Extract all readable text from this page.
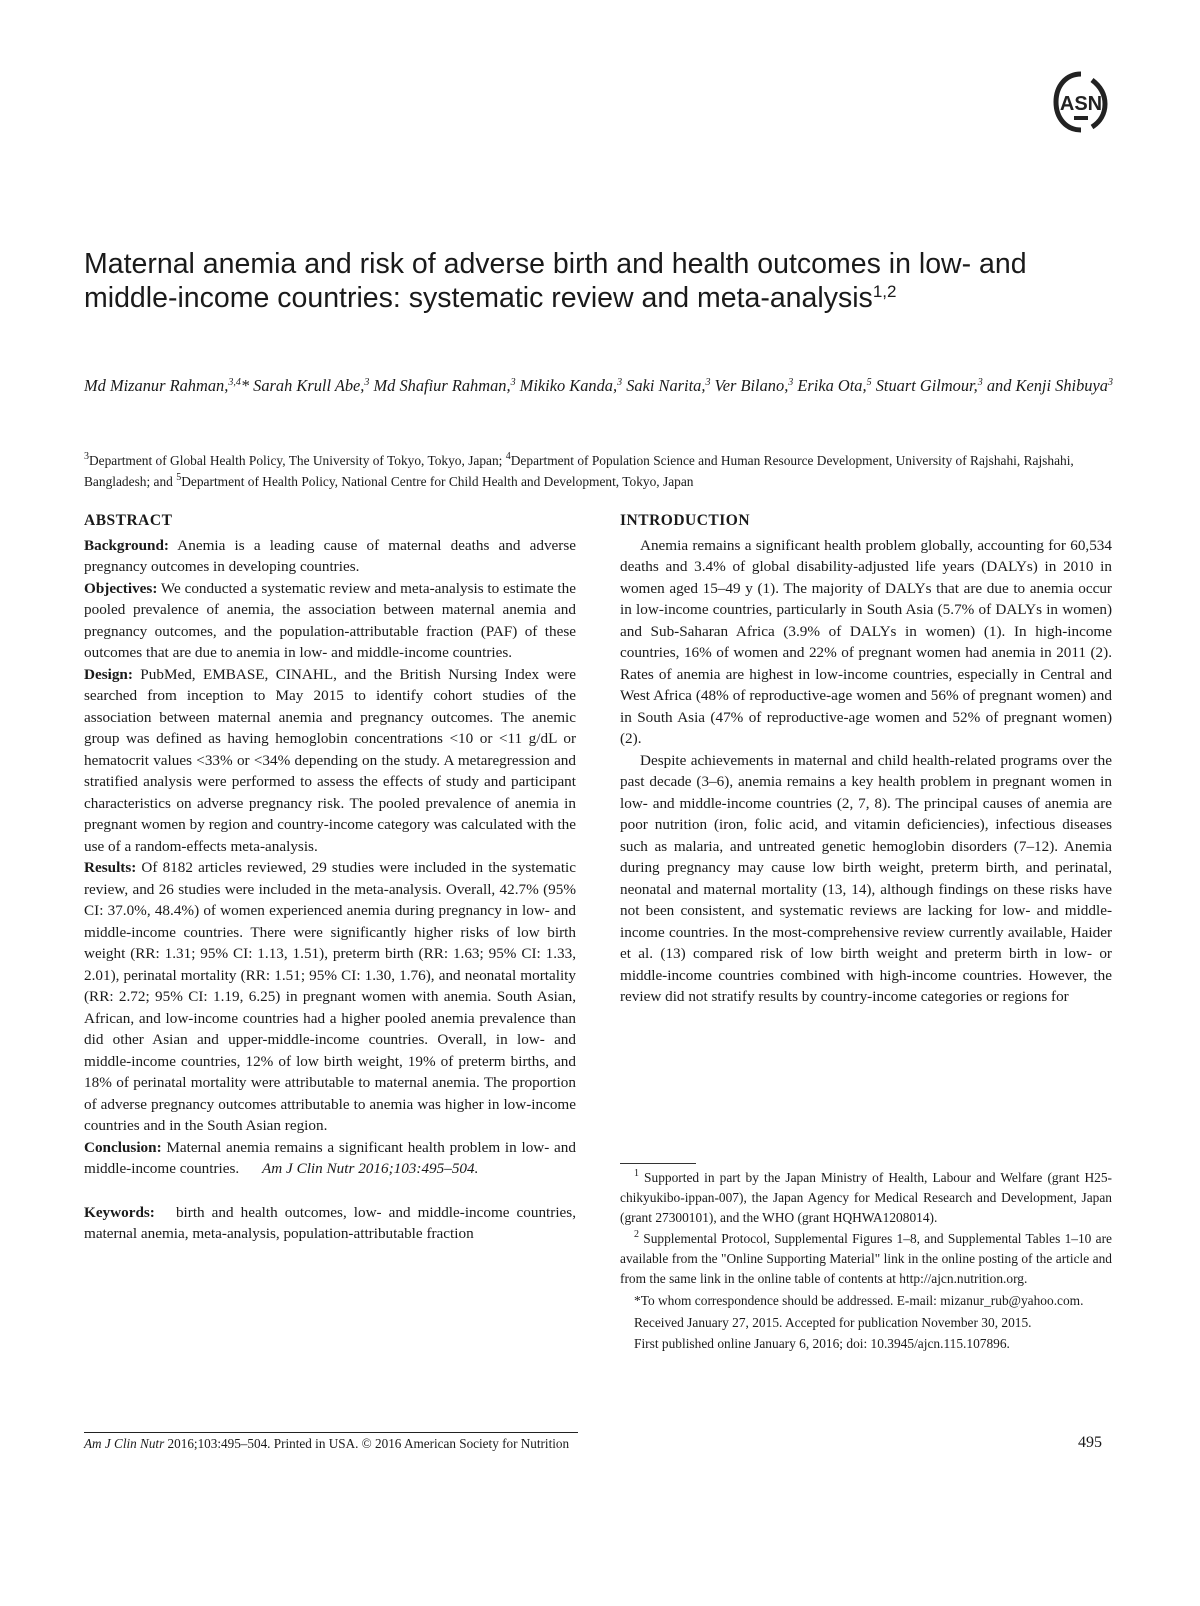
ASN
Maternal anemia and risk of adverse birth and health outcomes in low- and middle-income countries: systematic review and meta-analysis$^{1,2}$

Md Mizanur Rahman,$^{3,4}$* Sarah Krull Abe,$^3$ Md Shafiur Rahman,$^3$ Mikiko Kanda,$^3$ Saki Narita,$^3$ Ver Bilano,$^3$ Erika Ota,$^5$ Stuart Gilmour,$^3$ and Kenji Shibuya$^3$

$^3$Department of Global Health Policy, The University of Tokyo, Tokyo, Japan; $^4$Department of Population Science and Human Resource Development, University of Rajshahi, Rajshahi, Bangladesh; and $^5$Department of Health Policy, National Centre for Child Health and Development, Tokyo, Japan

ABSTRACT

Background: Anemia is a leading cause of maternal deaths and adverse pregnancy outcomes in developing countries.

Objectives: We conducted a systematic review and meta-analysis to estimate the pooled prevalence of anemia, the association between maternal anemia and pregnancy outcomes, and the population-attributable fraction (PAF) of these outcomes that are due to anemia in low- and middle-income countries.

Design: PubMed, EMBASE, CINAHL, and the British Nursing Index were searched from inception to May 2015 to identify cohort studies of the association between maternal anemia and pregnancy outcomes. The anemic group was defined as having hemoglobin concentrations <10 or <11 g/dL or hematocrit values <33% or <34% depending on the study. A metaregression and stratified analysis were performed to assess the effects of study and participant characteristics on adverse pregnancy risk. The pooled prevalence of anemia in pregnant women by region and country-income category was calculated with the use of a random-effects meta-analysis.

Results: Of 8182 articles reviewed, 29 studies were included in the systematic review, and 26 studies were included in the meta-analysis. Overall, 42.7% (95% CI: 37.0%, 48.4%) of women experienced anemia during pregnancy in low- and middle-income countries. There were significantly higher risks of low birth weight (RR: 1.31; 95% CI: 1.13, 1.51), preterm birth (RR: 1.63; 95% CI: 1.33, 2.01), perinatal mortality (RR: 1.51; 95% CI: 1.30, 1.76), and neonatal mortality (RR: 2.72; 95% CI: 1.19, 6.25) in pregnant women with anemia. South Asian, African, and low-income countries had a higher pooled anemia prevalence than did other Asian and upper-middle-income countries. Overall, in low- and middle-income countries, 12% of low birth weight, 19% of preterm births, and 18% of perinatal mortality were attributable to maternal anemia. The proportion of adverse pregnancy outcomes attributable to anemia was higher in low-income countries and in the South Asian region.

Conclusion: Maternal anemia remains a significant health problem in low- and middle-income countries. Am J Clin Nutr 2016;103:495–504.

Keywords: birth and health outcomes, low- and middle-income countries, maternal anemia, meta-analysis, population-attributable fraction

INTRODUCTION

Anemia remains a significant health problem globally, accounting for 60,534 deaths and 3.4% of global disability-adjusted life years (DALYs) in 2010 in women aged 15–49 y (1). The majority of DALYs that are due to anemia occur in low-income countries, particularly in South Asia (5.7% of DALYs in women) and Sub-Saharan Africa (3.9% of DALYs in women) (1). In high-income countries, 16% of women and 22% of pregnant women had anemia in 2011 (2). Rates of anemia are highest in low-income countries, especially in Central and West Africa (48% of reproductive-age women and 56% of pregnant women) and in South Asia (47% of reproductive-age women and 52% of pregnant women) (2).

Despite achievements in maternal and child health-related programs over the past decade (3–6), anemia remains a key health problem in pregnant women in low- and middle-income countries (2, 7, 8). The principal causes of anemia are poor nutrition (iron, folic acid, and vitamin deficiencies), infectious diseases such as malaria, and untreated genetic hemoglobin disorders (7–12). Anemia during pregnancy may cause low birth weight, preterm birth, and perinatal, neonatal and maternal mortality (13, 14), although findings on these risks have not been consistent, and systematic reviews are lacking for low- and middle-income countries. In the most-comprehensive review currently available, Haider et al. (13) compared risk of low birth weight and preterm birth in low- or middle-income countries combined with high-income countries. However, the review did not stratify results by country-income categories or regions for

$^1$ Supported in part by the Japan Ministry of Health, Labour and Welfare (grant H25-chikyukibo-ippan-007), the Japan Agency for Medical Research and Development, Japan (grant 27300101), and the WHO (grant HQHWA1208014).

$^2$ Supplemental Protocol, Supplemental Figures 1–8, and Supplemental Tables 1–10 are available from the "Online Supporting Material" link in the online posting of the article and from the same link in the online table of contents at http://ajcn.nutrition.org.

*To whom correspondence should be addressed. E-mail: mizanur_rub@yahoo.com.

Received January 27, 2015. Accepted for publication November 30, 2015.

First published online January 6, 2016; doi: 10.3945/ajcn.115.107896.

Am J Clin Nutr 2016;103:495–504. Printed in USA. © 2016 American Society for Nutrition	495
